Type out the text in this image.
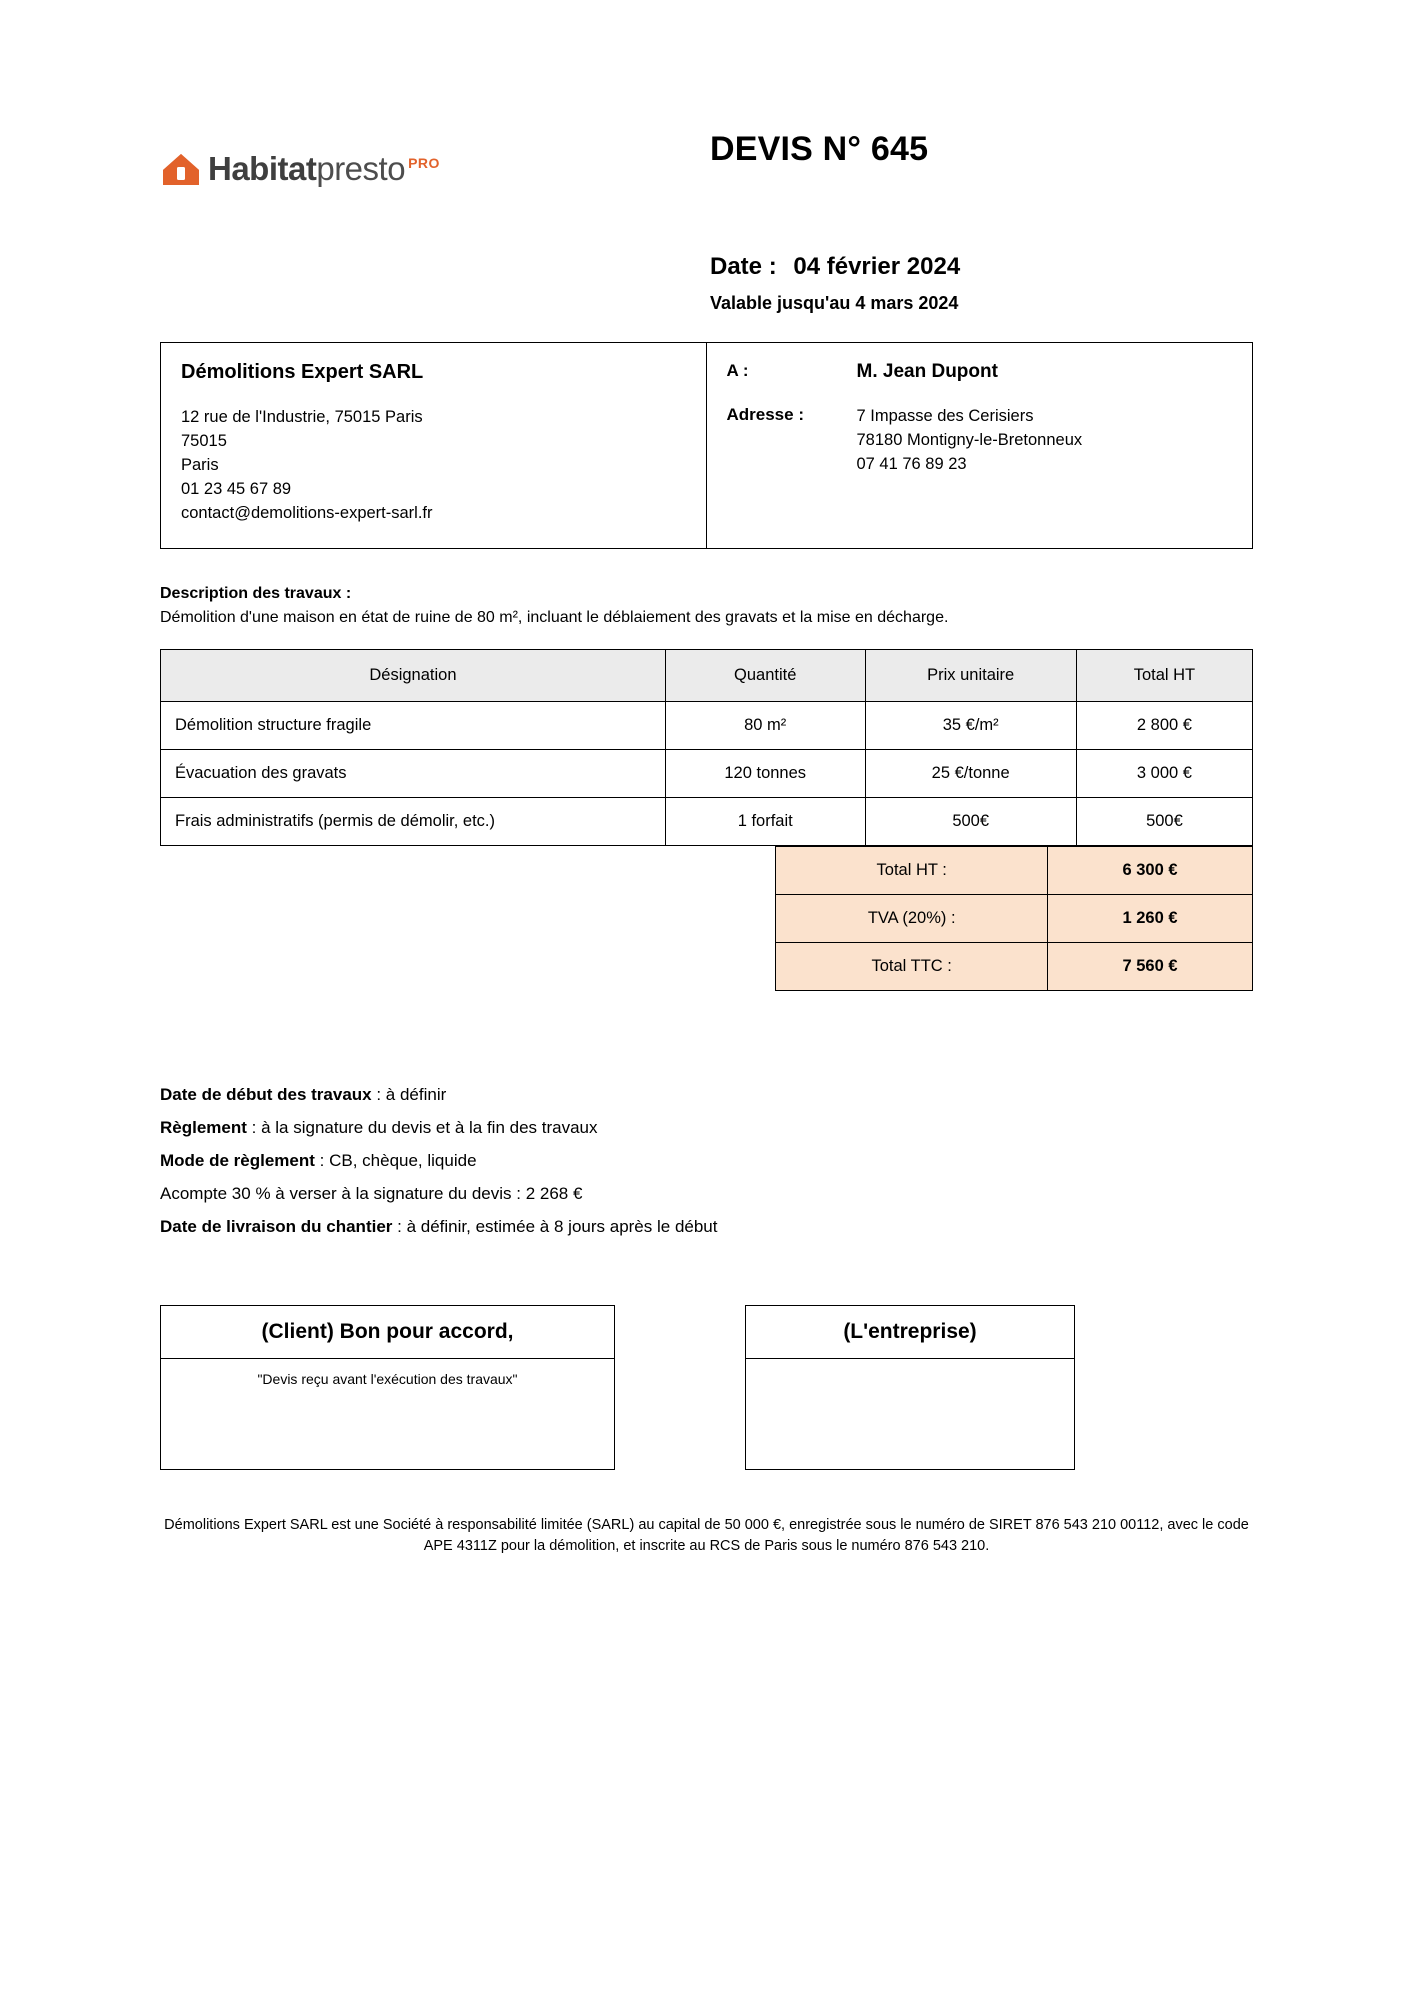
Habitatpresto $^{PRO}$	DEVIS N° 645
Date : 04 février 2024
Valable jusqu'au 4 mars 2024
Démolitions Expert SARL
12 rue de l'Industrie, 75015 Paris
75015
Paris
01 23 45 67 89
contact@demolitions-expert-sarl.fr
A :	M. Jean Dupont
Adresse :	7 Impasse des Cerisiers
78180 Montigny-le-Bretonneux
07 41 76 89 23
Description des travaux :
Démolition d'une maison en état de ruine de 80 m², incluant le déblaiement des gravats et la mise en décharge.
Désignation	Quantité	Prix unitaire	Total HT
Démolition structure fragile	80 m²	35 €/m²	2 800 €
Évacuation des gravats	120 tonnes	25 €/tonne	3 000 €
Frais administratifs (permis de démolir, etc.)	1 forfait	500€	500€
Total HT :	6 300 €
TVA (20%) :	1 260 €
Total TTC :	7 560 €

Date de début des travaux : à définir

Règlement : à la signature du devis et à la fin des travaux

Mode de règlement : CB, chèque, liquide

Acompte 30 % à verser à la signature du devis : 2 268 €

Date de livraison du chantier : à définir, estimée à 8 jours après le début

(Client) Bon pour accord,
"Devis reçu avant l'exécution des travaux"
(L'entreprise)
Démolitions Expert SARL est une Société à responsabilité limitée (SARL) au capital de 50 000 €, enregistrée sous le numéro de SIRET 876 543 210 00112, avec le code APE 4311Z pour la démolition, et inscrite au RCS de Paris sous le numéro 876 543 210.
